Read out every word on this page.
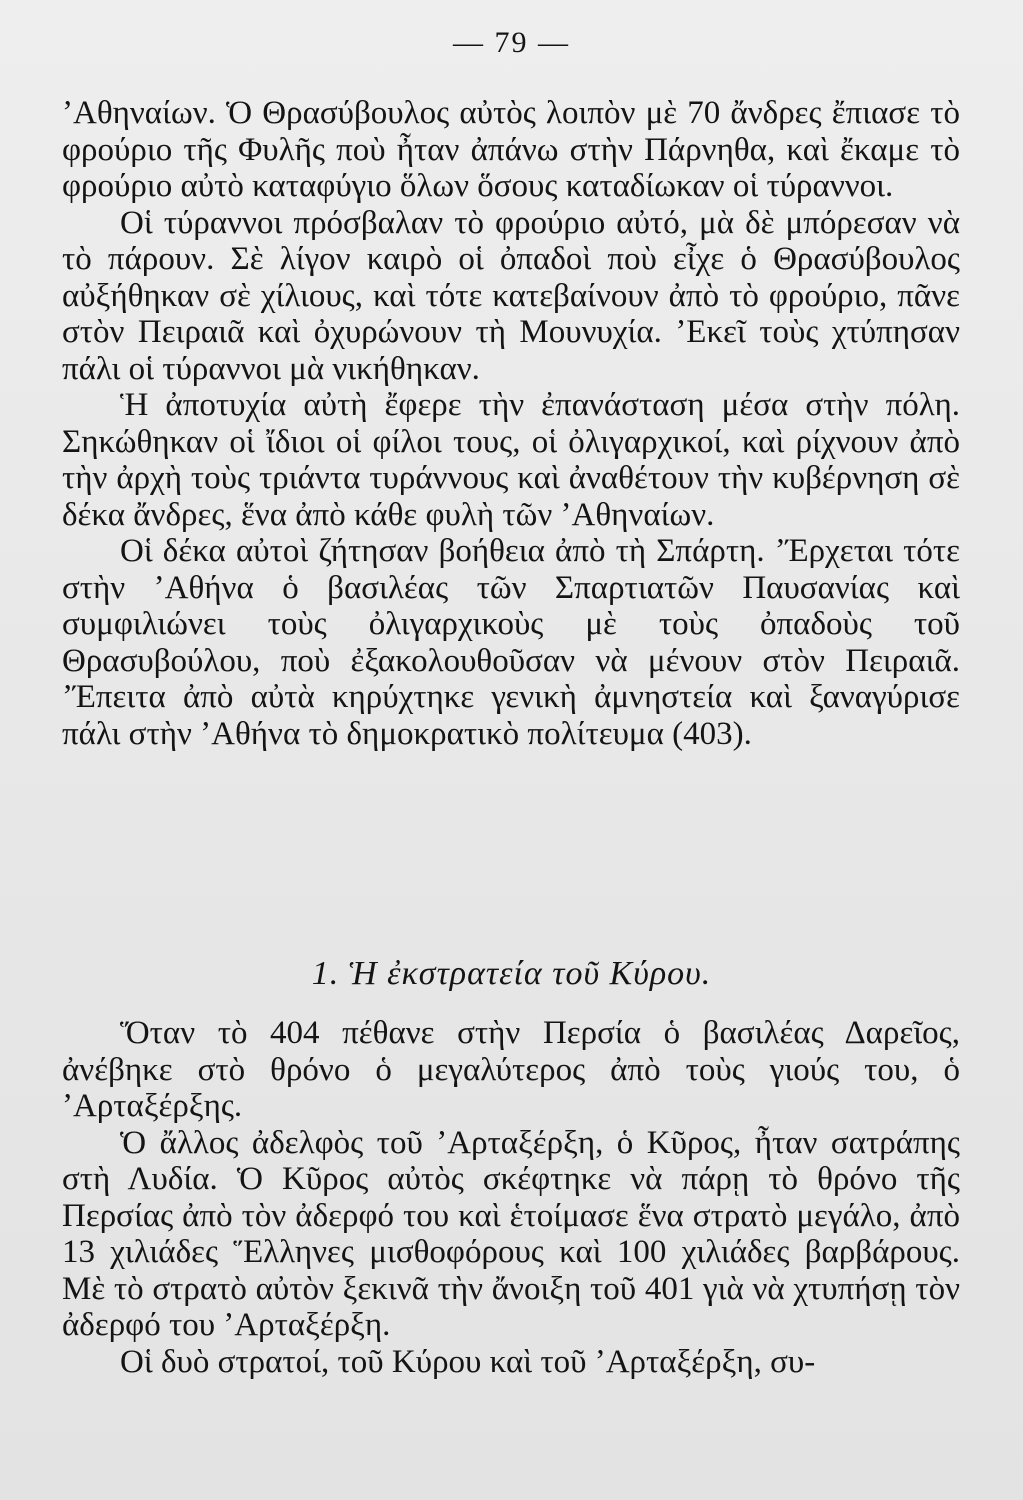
— 79 —

ʼΑθηναίων. Ὁ Θρασύβουλος αὐτὸς λοιπὸν μὲ 70 ἄνδρες ἔπιασε τὸ φρούριο τῆς Φυλῆς ποὺ ἦταν ἀπάνω στὴν Πάρνηθα, καὶ ἔκαμε τὸ φρούριο αὐτὸ καταφύγιο ὅλων ὅσους καταδίωκαν οἱ τύραννοι.

Οἱ τύραννοι πρόσβαλαν τὸ φρούριο αὐτό, μὰ δὲ μπόρεσαν νὰ τὸ πάρουν. Σὲ λίγον καιρὸ οἱ ὀπαδοὶ ποὺ εἶχε ὁ Θρασύβουλος αὐξήθηκαν σὲ χίλιους, καὶ τότε κατεβαίνουν ἀπὸ τὸ φρούριο, πᾶνε στὸν Πειραιᾶ καὶ ὀχυρώνουν τὴ Μουνυχία. ʼΕκεῖ τοὺς χτύπησαν πάλι οἱ τύραννοι μὰ νικήθηκαν.

Ἡ ἀποτυχία αὐτὴ ἔφερε τὴν ἐπανάσταση μέσα στὴν πόλη. Σηκώθηκαν οἱ ἴδιοι οἱ φίλοι τους, οἱ ὀλιγαρχικοί, καὶ ρίχνουν ἀπὸ τὴν ἀρχὴ τοὺς τριάντα τυράννους καὶ ἀναθέτουν τὴν κυβέρνηση σὲ δέκα ἄνδρες, ἕνα ἀπὸ κάθε φυλὴ τῶν ʼΑθηναίων.

Οἱ δέκα αὐτοὶ ζήτησαν βοήθεια ἀπὸ τὴ Σπάρτη. ʼΈρχεται τότε στὴν ʼΑθήνα ὁ βασιλέας τῶν Σπαρτιατῶν Παυσανίας καὶ συμφιλιώνει τοὺς ὀλιγαρχικοὺς μὲ τοὺς ὀπαδοὺς τοῦ Θρασυβούλου, ποὺ ἐξακολουθοῦσαν νὰ μένουν στὸν Πειραιᾶ. ʼΈπειτα ἀπὸ αὐτὰ κηρύχτηκε γενικὴ ἀμνηστεία καὶ ξαναγύρισε πάλι στὴν ʼΑθήνα τὸ δημοκρατικὸ πολίτευμα (403).

1. Ἡ ἐκστρατεία τοῦ Κύρου.

Ὅταν τὸ 404 πέθανε στὴν Περσία ὁ βασιλέας Δαρεῖος, ἀνέβηκε στὸ θρόνο ὁ μεγαλύτερος ἀπὸ τοὺς γιούς του, ὁ ʼΑρταξέρξης.

Ὁ ἄλλος ἀδελφὸς τοῦ ʼΑρταξέρξη, ὁ Κῦρος, ἦταν σατράπης στὴ Λυδία. Ὁ Κῦρος αὐτὸς σκέφτηκε νὰ πάρῃ τὸ θρόνο τῆς Περσίας ἀπὸ τὸν ἀδερφό του καὶ ἑτοίμασε ἕνα στρατὸ μεγάλο, ἀπὸ 13 χιλιάδες Ἕλληνες μισθοφόρους καὶ 100 χιλιάδες βαρβάρους. Μὲ τὸ στρατὸ αὐτὸν ξεκινᾶ τὴν ἄνοιξη τοῦ 401 γιὰ νὰ χτυπήσῃ τὸν ἀδερφό του ʼΑρταξέρξη.

Οἱ δυὸ στρατοί, τοῦ Κύρου καὶ τοῦ ʼΑρταξέρξη, συ-
